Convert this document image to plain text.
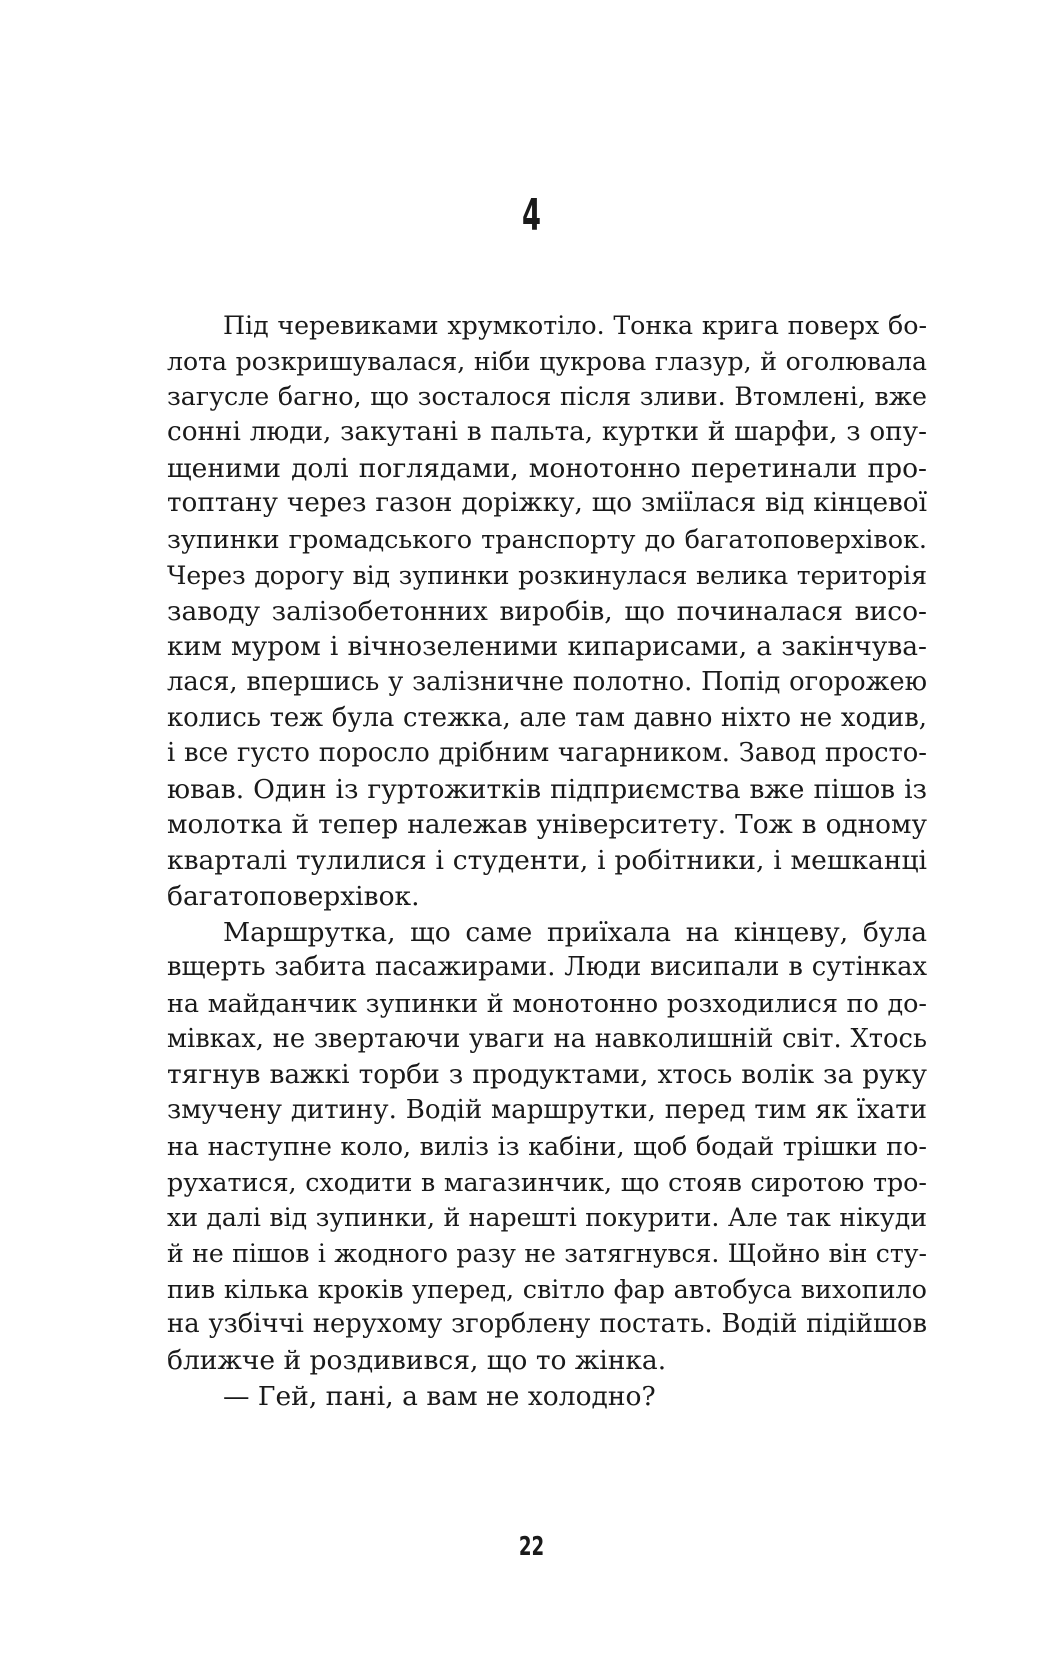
4
Під черевиками хрумкотіло. Тонка крига поверх бо-
лота розкришувалася, ніби цукрова глазур, й оголювала
загусле багно, що зосталося після зливи. Втомлені, вже
сонні люди, закутані в пальта, куртки й шарфи, з опу-
щеними долі поглядами, монотонно перетинали про-
топтану через газон доріжку, що зміїлася від кінцевої
зупинки громадського транспорту до багатоповерхівок.
Через дорогу від зупинки розкинулася велика територія
заводу залізобетонних виробів, що починалася висо-
ким муром і вічнозеленими кипарисами, а закінчува-
лася, впершись у залізничне полотно. Попід огорожею
колись теж була стежка, але там давно ніхто не ходив,
і все густо поросло дрібним чагарником. Завод просто-
ював. Один із гуртожитків підприємства вже пішов із
молотка й тепер належав університету. Тож в одному
кварталі тулилися і студенти, і робітники, і мешканці
багатоповерхівок.
Маршрутка, що саме приїхала на кінцеву, була
вщерть забита пасажирами. Люди висипали в сутінках
на майданчик зупинки й монотонно розходилися по до-
мівках, не звертаючи уваги на навколишній світ. Хтось
тягнув важкі торби з продуктами, хтось волік за руку
змучену дитину. Водій маршрутки, перед тим як їхати
на наступне коло, виліз із кабіни, щоб бодай трішки по-
рухатися, сходити в магазинчик, що стояв сиротою тро-
хи далі від зупинки, й нарешті покурити. Але так нікуди
й не пішов і жодного разу не затягнувся. Щойно він сту-
пив кілька кроків уперед, світло фар автобуса вихопило
на узбіччі нерухому згорблену постать. Водій підійшов
ближче й роздивився, що то жінка.
— Гей, пані, а вам не холодно?
22
